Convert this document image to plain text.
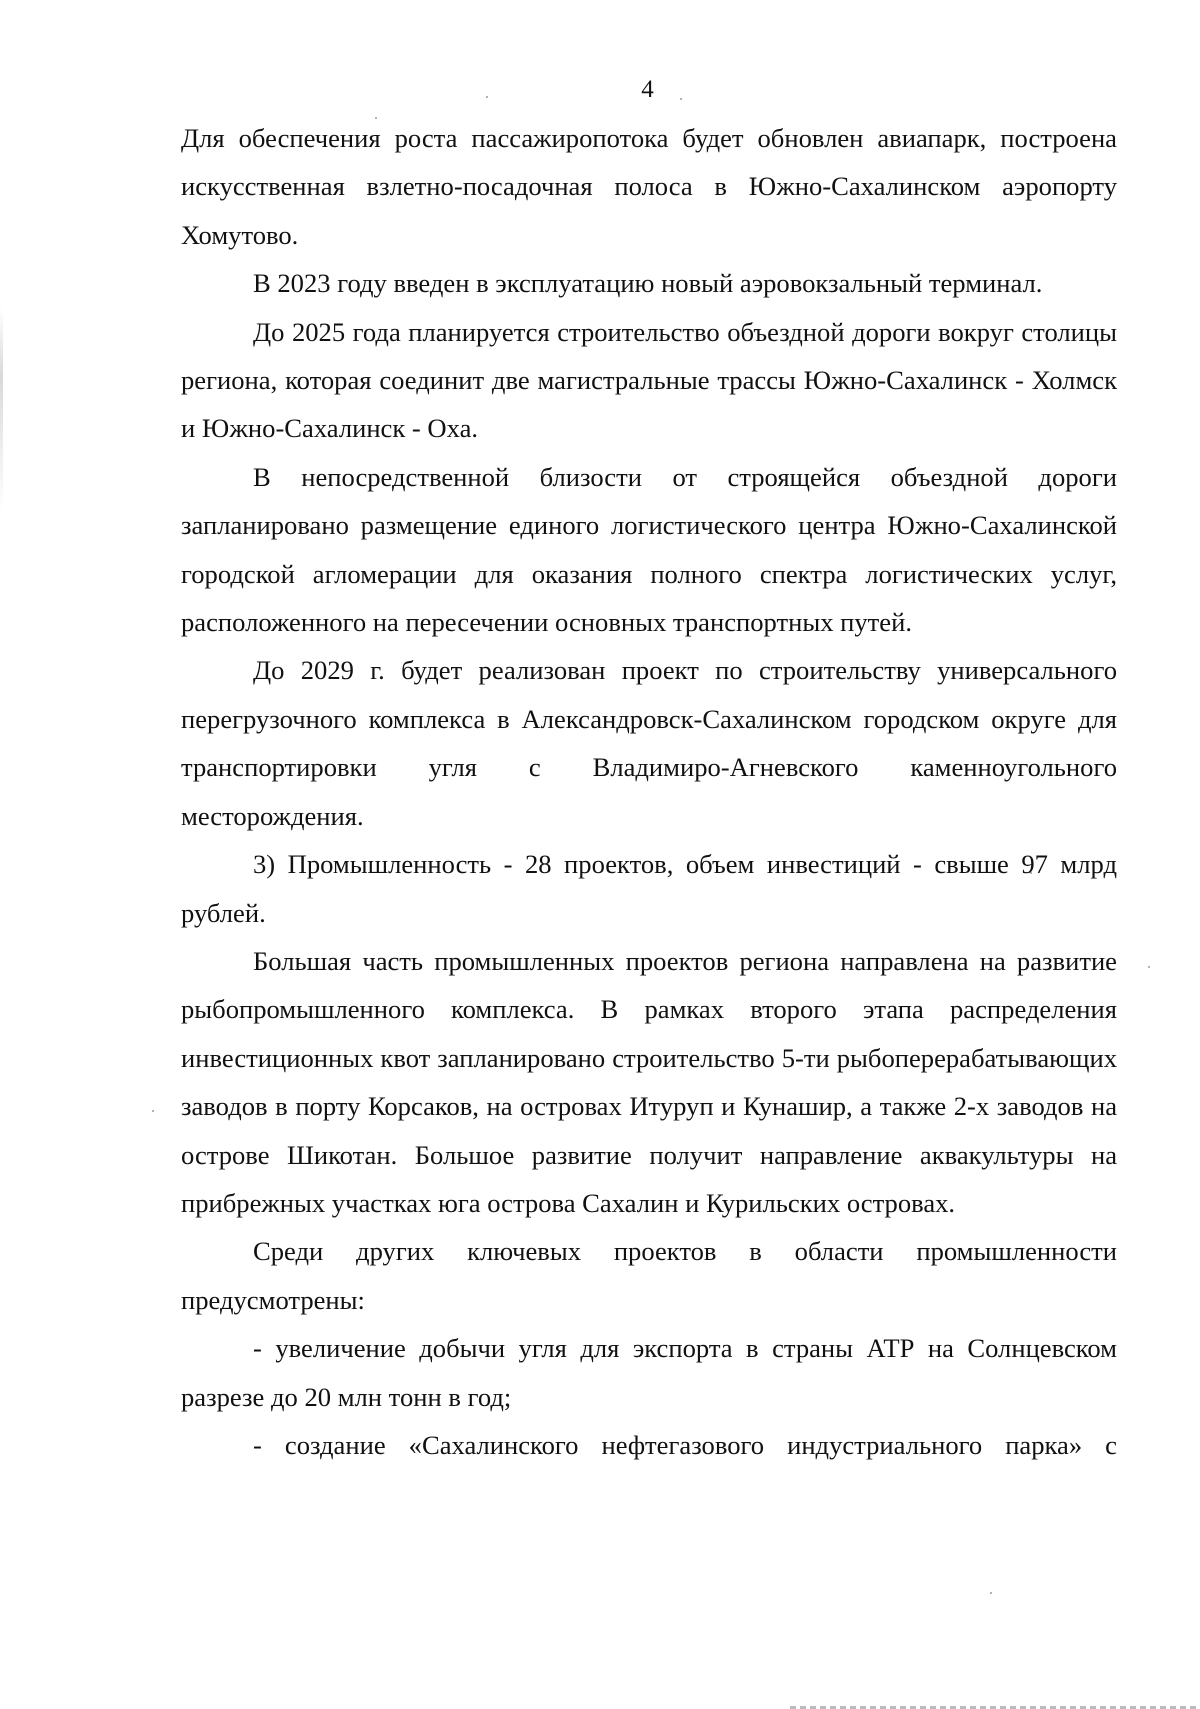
4

Для обеспечения роста пассажиропотока будет обновлен авиапарк, построена искусственная взлетно-посадочная полоса в Южно-Сахалинском аэропорту Хомутово.

В 2023 году введен в эксплуатацию новый аэровокзальный терминал.

До 2025 года планируется строительство объездной дороги вокруг столицы региона, которая соединит две магистральные трассы Южно-Сахалинск - Холмск и Южно-Сахалинск - Оха.

В непосредственной близости от строящейся объездной дороги запланировано размещение единого логистического центра Южно-Сахалинской городской агломерации для оказания полного спектра логистических услуг, расположенного на пересечении основных транспортных путей.

До 2029 г. будет реализован проект по строительству универсального перегрузочного комплекса в Александровск-Сахалинском городском округе для транспортировки угля с Владимиро-Агневского каменноугольного месторождения.

3) Промышленность - 28 проектов, объем инвестиций - свыше 97 млрд рублей.

Большая часть промышленных проектов региона направлена на развитие рыбопромышленного комплекса. В рамках второго этапа распределения инвестиционных квот запланировано строительство 5-ти рыбоперерабатывающих заводов в порту Корсаков, на островах Итуруп и Кунашир, а также 2-х заводов на острове Шикотан. Большое развитие получит направление аквакультуры на прибрежных участках юга острова Сахалин и Курильских островах.

Среди других ключевых проектов в области промышленности предусмотрены:

- увеличение добычи угля для экспорта в страны АТР на Солнцевском разрезе до 20 млн тонн в год;

- создание «Сахалинского нефтегазового индустриального парка» с
